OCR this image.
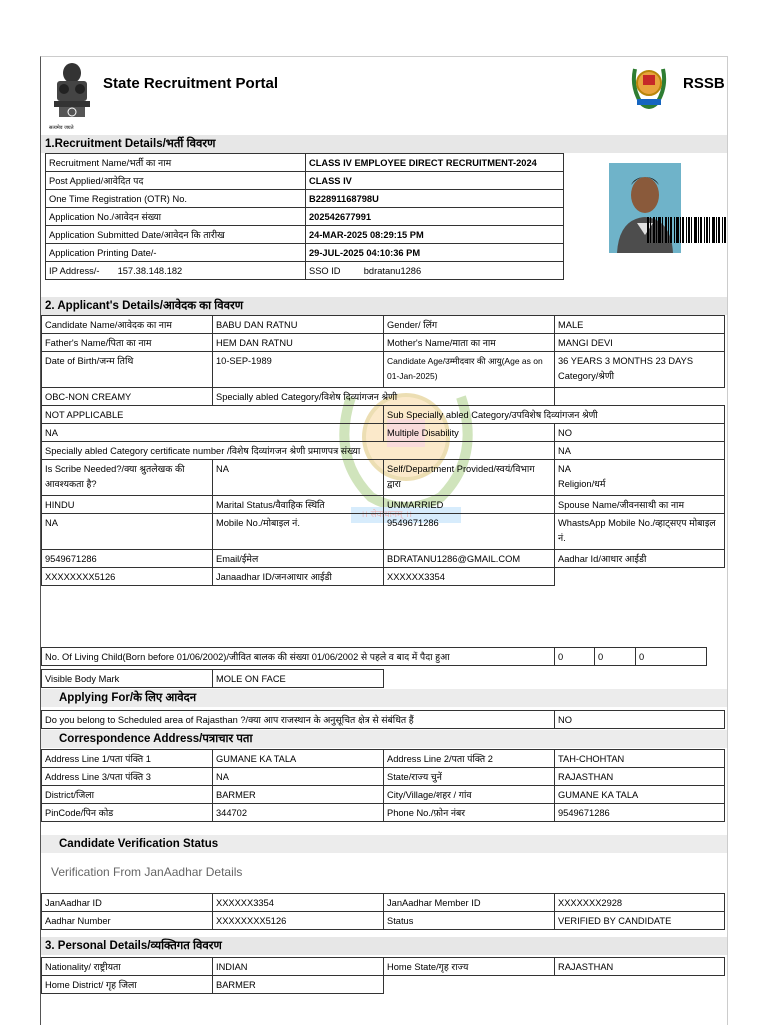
सत्यमेव जयते
State Recruitment Portal	RSSB
1.Recruitment Details/भर्ती विवरण
Recruitment Name/भर्ती का नाम	CLASS IV EMPLOYEE DIRECT RECRUITMENT-2024
Post Applied/आवेदित पद	CLASS IV
One Time Registration (OTR) No.	B22891168798U
Application No./आवेदन संख्या	202542677991
Application Submitted Date/आवेदन कि तारीख	24-MAR-2025 08:29:15 PM
Application Printing Date/-	29-JUL-2025 04:10:36 PM
IP Address/- 157.38.148.182	SSO ID bdratanu1286
2. Applicant's Details/आवेदक का विवरण
।। सेवाधानम् ।।
Candidate Name/आवेदक का नाम	BABU DAN RATNU	Gender/ लिंग	MALE
Father's Name/पिता का नाम	HEM DAN RATNU	Mother's Name/माता का नाम	MANGI DEVI
Date of Birth/जन्म तिथि	10-SEP-1989	Candidate Age/उम्मीदवार की आयु(Age as on 01-Jan-2025)	36 YEARS 3 MONTHS 23 DAYS
Category/श्रेणी

OBC-NON CREAMY	Specially abled Category/विशेष दिव्यांगजन श्रेणी		
NOT APPLICABLE		Sub Specially abled Category/उपविशेष दिव्यांगजन श्रेणी	
NA		Multiple Disability	NO
Specially abled Category certificate number /विशेष दिव्यांगजन श्रेणी प्रमाणपत्र संख्या			NA
Is Scribe Needed?/क्या श्रुतलेखक की आवश्यकता है?	NA	Self/Department Provided/स्वयं/विभाग द्वारा	NA
Religion/धर्म

HINDU	Marital Status/वैवाहिक स्थिति	UNMARRIED	Spouse Name/जीवनसाथी का नाम
NA	Mobile No./मोबाइल नं.	9549671286	WhastsApp Mobile No./व्हाट्सएप मोबाइल नं.
9549671286	Email/ईमेल	BDRATANU1286@GMAIL.COM	Aadhar Id/आधार आईडी
XXXXXXXX5126	Janaadhar ID/जनआधार आईडी	XXXXXX3354	
No. Of Living Child(Born before 01/06/2002)/जीवित बालक की संख्या 01/06/2002 से पहले व बाद में पैदा हुआ	0	0	0
Visible Body Mark	MOLE ON FACE
Applying For/के लिए आवेदन
Do you belong to Scheduled area of Rajasthan ?/क्या आप राजस्थान के अनुसूचित क्षेत्र से संबंधित हैं	NO
Correspondence Address/पत्राचार पता
Address Line 1/पता पंक्ति 1	GUMANE KA TALA	Address Line 2/पता पंक्ति 2	TAH-CHOHTAN
Address Line 3/पता पंक्ति 3	NA	State/राज्य चुनें	RAJASTHAN
District/जिला	BARMER	City/Village/शहर / गांव	GUMANE KA TALA
PinCode/पिन कोड	344702	Phone No./फ़ोन नंबर	9549671286
Candidate Verification Status
Verification From JanAadhar Details
JanAadhar ID	XXXXXX3354	JanAadhar Member ID	XXXXXXX2928
Aadhar Number	XXXXXXXX5126	Status	VERIFIED BY CANDIDATE
3. Personal Details/व्यक्तिगत विवरण
Nationality/ राष्ट्रीयता	INDIAN	Home State/गृह राज्य	RAJASTHAN
Home District/ गृह जिला	BARMER		
